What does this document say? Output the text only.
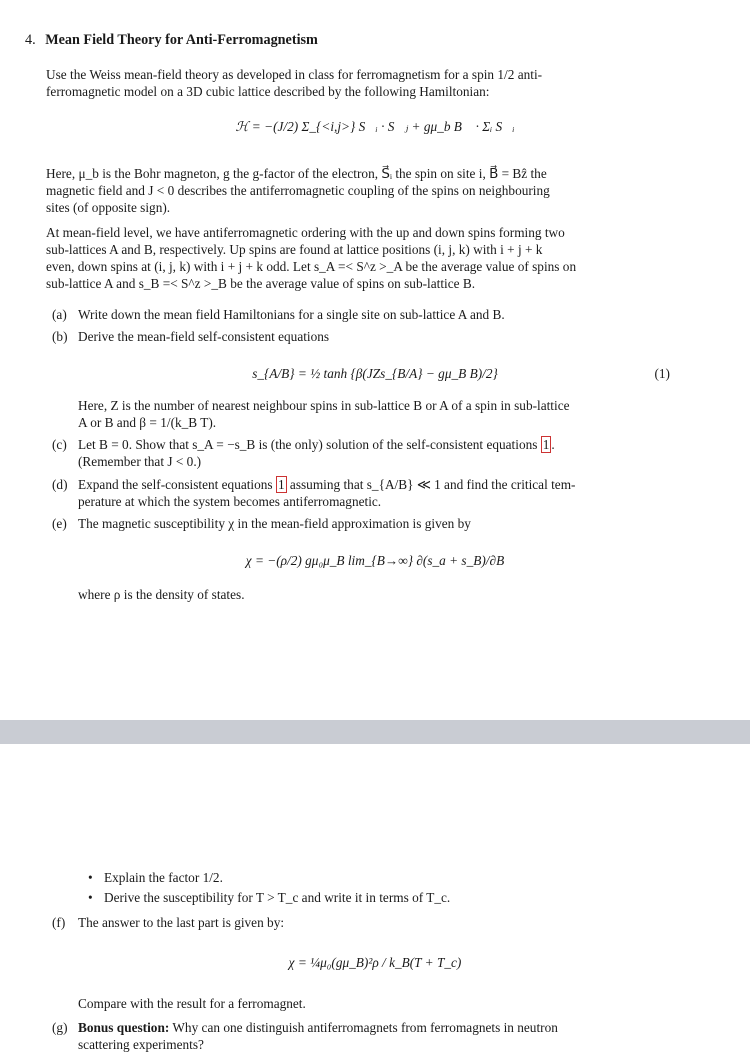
4. Mean Field Theory for Anti-Ferromagnetism
Use the Weiss mean-field theory as developed in class for ferromagnetism for a spin 1/2 anti-
ferromagnetic model on a 3D cubic lattice described by the following Hamiltonian:
ℋ = −(J/2) Σ_{<i,j>} S⃗ᵢ · S⃗ⱼ + gμ_b B⃗ · Σᵢ S⃗ᵢ
Here, μ_b is the Bohr magneton, g the g-factor of the electron, S⃗ᵢ the spin on site i, B⃗ = Bẑ the
magnetic field and J < 0 describes the antiferromagnetic coupling of the spins on neighbouring
sites (of opposite sign).
At mean-field level, we have antiferromagnetic ordering with the up and down spins forming two
sub-lattices A and B, respectively. Up spins are found at lattice positions (i, j, k) with i + j + k
even, down spins at (i, j, k) with i + j + k odd. Let s_A =< S^z >_A be the average value of spins on
sub-lattice A and s_B =< S^z >_B be the average value of spins on sub-lattice B.
(a) Write down the mean field Hamiltonians for a single site on sub-lattice A and B.
(b) Derive the mean-field self-consistent equations
s_{A/B} = ½ tanh {β(JZs_{B/A} − gμ_B B)/2}	(1)
Here, Z is the number of nearest neighbour spins in sub-lattice B or A of a spin in sub-lattice
A or B and β = 1/(k_B T).
(c) Let B = 0. Show that s_A = −s_B is (the only) solution of the self-consistent equations 1 .
(Remember that J < 0.)
(d) Expand the self-consistent equations 1 assuming that s_{A/B} ≪ 1 and find the critical tem-
perature at which the system becomes antiferromagnetic.
(e) The magnetic susceptibility χ in the mean-field approximation is given by
χ = −(ρ/2) gμ₀μ_B lim_{B→∞} ∂(s_a + s_B)/∂B
where ρ is the density of states.
• Explain the factor 1/2.
• Derive the susceptibility for T > T_c and write it in terms of T_c.
(f) The answer to the last part is given by:
χ = ¼μ₀(gμ_B)²ρ / k_B(T + T_c)
Compare with the result for a ferromagnet.
(g) Bonus question: Why can one distinguish antiferromagnets from ferromagnets in neutron
scattering experiments?
